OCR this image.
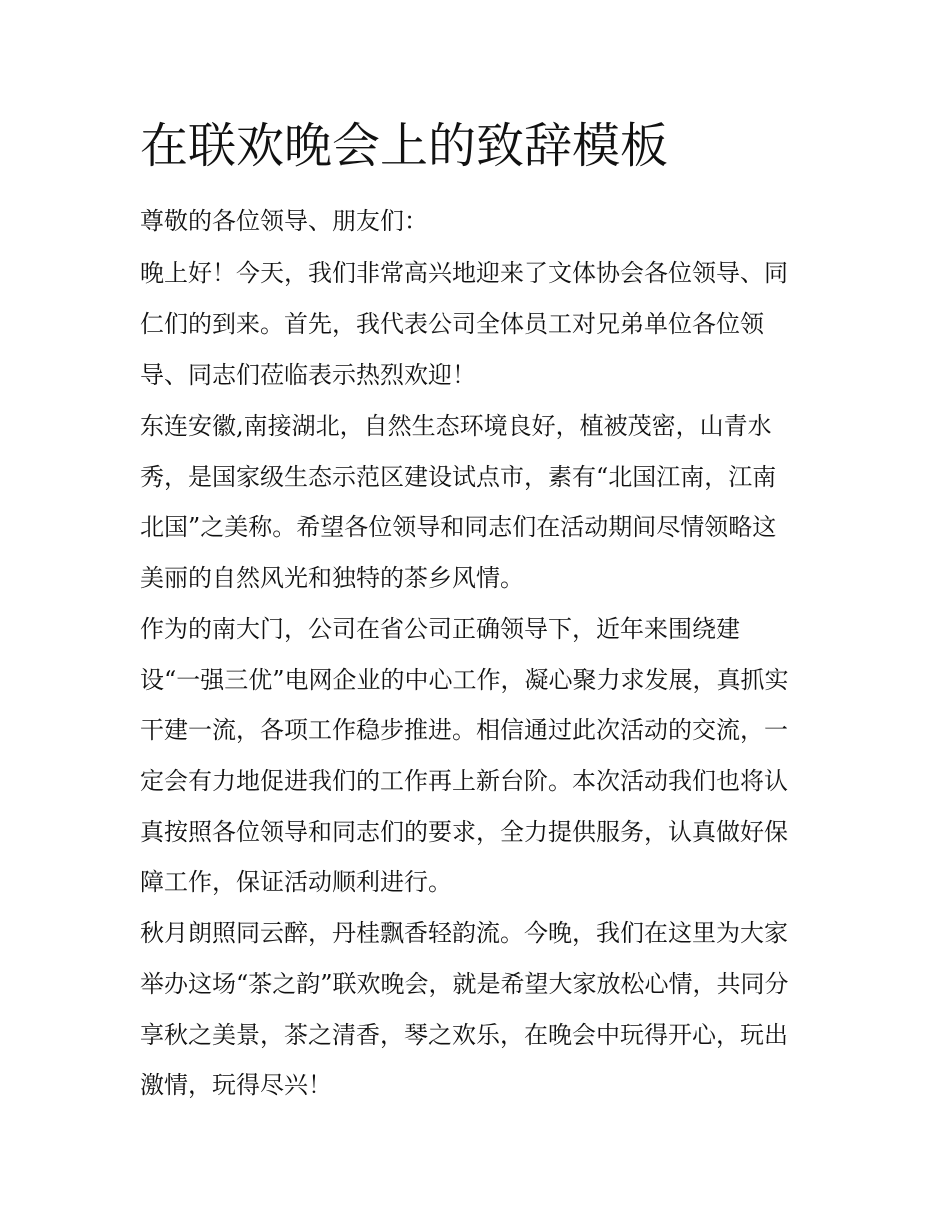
在联欢晚会上的致辞模板

尊敬的各位领导、朋友们：

晚上好！今天，我们非常高兴地迎来了文体协会各位领导、同

仁们的到来。首先，我代表公司全体员工对兄弟单位各位领

导、同志们莅临表示热烈欢迎！

东连安徽,南接湖北，自然生态环境良好，植被茂密，山青水

秀，是国家级生态示范区建设试点市，素有“北国江南，江南

北国”之美称。希望各位领导和同志们在活动期间尽情领略这

美丽的自然风光和独特的茶乡风情。

作为的南大门，公司在省公司正确领导下，近年来围绕建

设“一强三优”电网企业的中心工作，凝心聚力求发展，真抓实

干建一流，各项工作稳步推进。相信通过此次活动的交流，一

定会有力地促进我们的工作再上新台阶。本次活动我们也将认

真按照各位领导和同志们的要求，全力提供服务，认真做好保

障工作，保证活动顺利进行。

秋月朗照同云醉，丹桂飘香轻韵流。今晚，我们在这里为大家

举办这场“茶之韵”联欢晚会，就是希望大家放松心情，共同分

享秋之美景，茶之清香，琴之欢乐，在晚会中玩得开心，玩出

激情，玩得尽兴！
